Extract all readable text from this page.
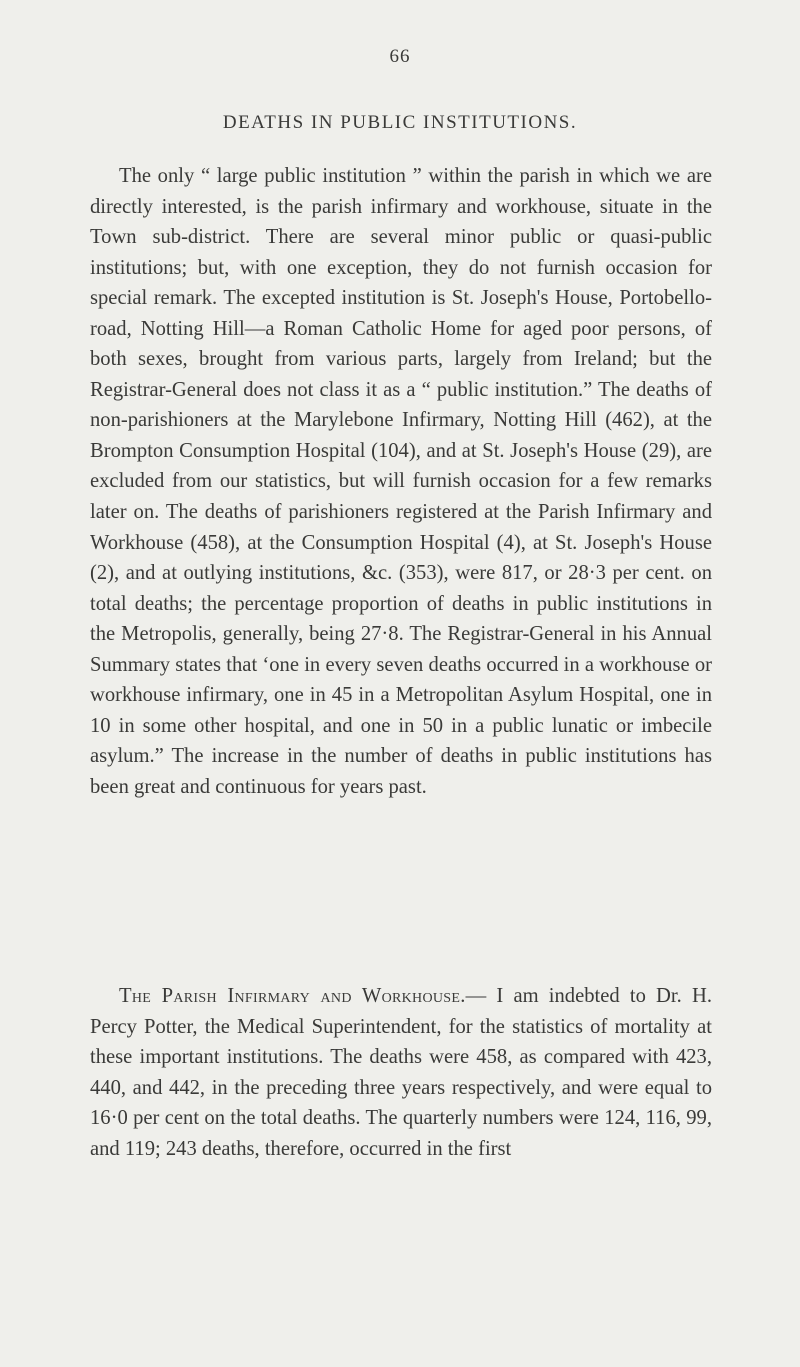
66
DEATHS IN PUBLIC INSTITUTIONS.

The only “ large public institution ” within the parish in which we are directly interested, is the parish infirmary and workhouse, situate in the Town sub-district. There are several minor public or quasi-public institutions; but, with one exception, they do not furnish occasion for special remark. The excepted institution is St. Joseph's House, Portobello-road, Notting Hill—a Roman Catholic Home for aged poor persons, of both sexes, brought from various parts, largely from Ireland; but the Registrar-General does not class it as a “ public institution.” The deaths of non-parishioners at the Marylebone Infirmary, Notting Hill (462), at the Brompton Consumption Hospital (104), and at St. Joseph's House (29), are excluded from our statistics, but will furnish occasion for a few remarks later on. The deaths of parishioners registered at the Parish Infirmary and Workhouse (458), at the Consumption Hospital (4), at St. Joseph's House (2), and at outlying institutions, &c. (353), were 817, or 28·3 per cent. on total deaths; the percentage proportion of deaths in public institutions in the Metropolis, generally, being 27·8. The Registrar-General in his Annual Summary states that ‘one in every seven deaths occurred in a workhouse or workhouse infirmary, one in 45 in a Metropolitan Asylum Hospital, one in 10 in some other hospital, and one in 50 in a public lunatic or imbecile asylum.” The increase in the number of deaths in public institutions has been great and continuous for years past.

The Parish Infirmary and Workhouse.— I am indebted to Dr. H. Percy Potter, the Medical Superintendent, for the statistics of mortality at these important institutions. The deaths were 458, as compared with 423, 440, and 442, in the preceding three years respectively, and were equal to 16·0 per cent on the total deaths. The quarterly numbers were 124, 116, 99, and 119; 243 deaths, therefore, occurred in the first
